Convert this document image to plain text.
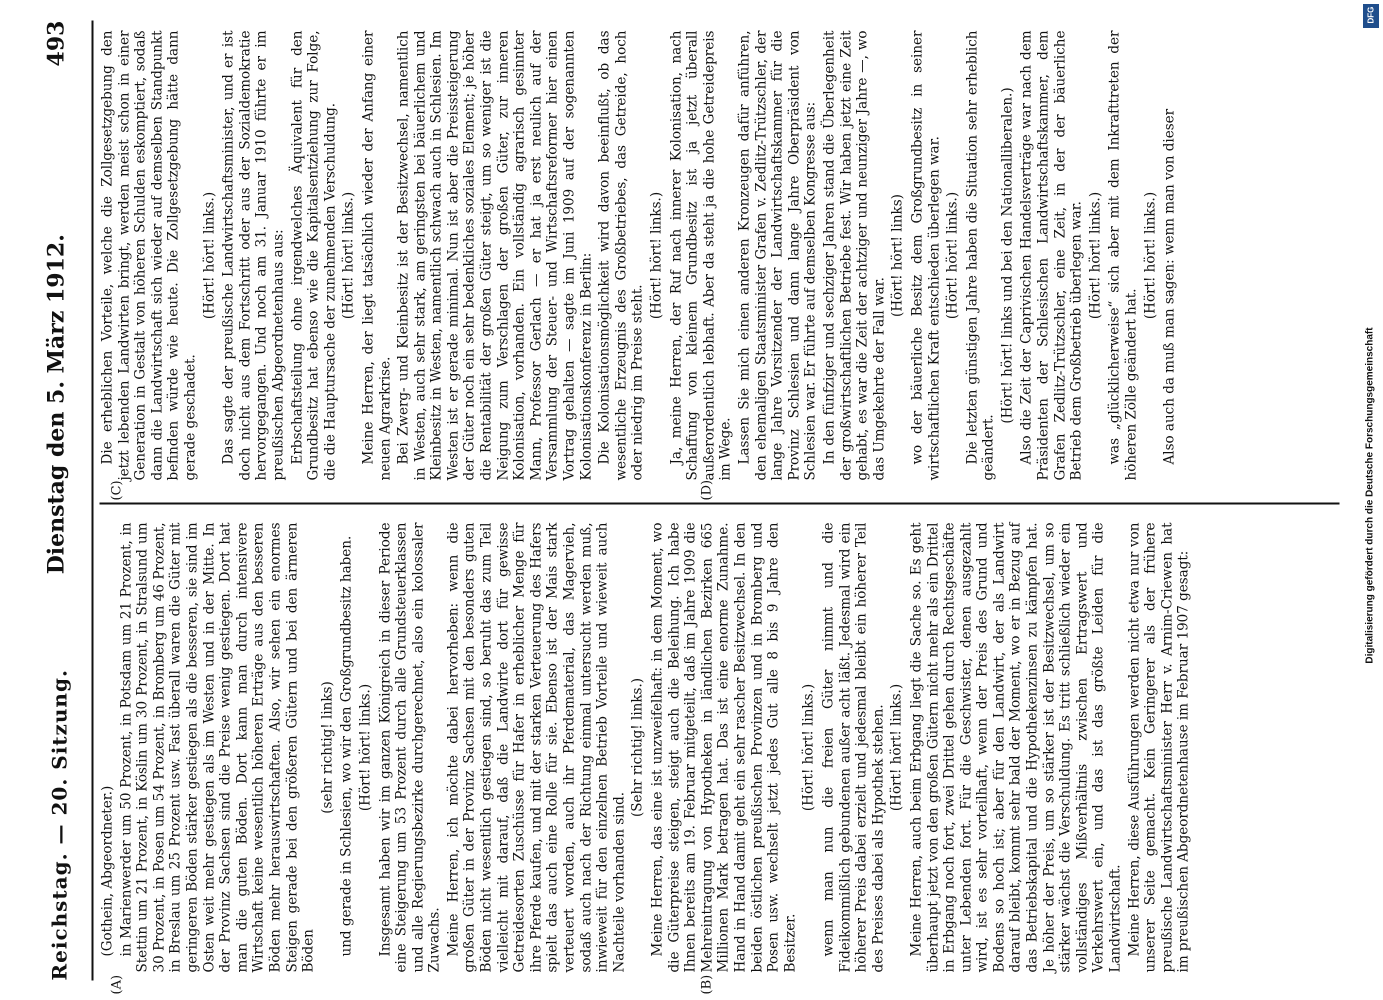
Reichstag. — 20. Sitzung.
Dienstag den 5. März 1912. 493
(A)	(B)
(C)	(D)

(Gothein, Abgeordneter.) in Marienwerder um 50 Prozent, in Potsdam um 21 Prozent, in Stettin um 21 Prozent, in Köslin um 30 Prozent, in Stralsund um 30 Prozent, in Posen um 54 Prozent, in Bromberg um 46 Prozent, in Breslau um 25 Prozent usw. Fast überall waren die Güter mit geringeren Böden stärker gestiegen als die besseren, sie sind im Osten weit mehr gestiegen als im Westen und in der Mitte. In der Provinz Sachsen sind die Preise wenig gestiegen. Dort hat man die guten Böden. Dort kann man durch intensivere Wirtschaft keine wesentlich höheren Erträge aus den besseren Böden mehr herauswirtschaften. Also, wir sehen ein enormes Steigen gerade bei den größeren Gütern und bei den ärmeren Böden

(sehr richtig! links) und gerade in Schlesien, wo wir den Großgrundbesitz haben. (Hört! hört! links.) Insgesamt haben wir im ganzen Königreich in dieser Periode eine Steigerung um 53 Prozent durch alle Grundsteuerklassen und alle Regierungsbezirke durchgerechnet, also ein kolossaler Zuwachs. Meine Herren, ich möchte dabei hervorheben: wenn die großen Güter in der Provinz Sachsen mit den besonders guten Böden nicht wesentlich gestiegen sind, so beruht das zum Teil vielleicht mit darauf, daß die Landwirte dort für gewisse Getreidesorten Zuschüsse für Hafer in erheblicher Menge für ihre Pferde kaufen, und mit der starken Verteuerung des Hafers spielt das auch eine Rolle für sie. Ebenso ist der Mais stark verteuert worden, auch ihr Pferdematerial, das Magervieh, sodaß auch nach der Richtung einmal untersucht werden muß, inwieweit für den einzelnen Betrieb Vorteile und wieweit auch Nachteile vorhanden sind.

(Sehr richtig! links.) Meine Herren, das eine ist unzweifelhaft: in dem Moment, wo die Güterpreise steigen, steigt auch die Beleihung. Ich habe Ihnen bereits am 19. Februar mitgeteilt, daß im Jahre 1909 die Mehreintragung von Hypotheken in ländlichen Bezirken 665 Millionen Mark betragen hat. Das ist eine enorme Zunahme. Hand in Hand damit geht ein sehr rascher Besitzwechsel. In den beiden östlichen preußischen Provinzen und in Bromberg und Posen usw. wechselt jetzt jedes Gut alle 8 bis 9 Jahre den Besitzer.

(Hört! hört! links.) wenn man nun die freien Güter nimmt und die Fideikommißlich gebundenen außer acht läßt. Jedesmal wird ein höherer Preis dabei erzielt und jedesmal bleibt ein höherer Teil des Preises dabei als Hypothek stehen. (Hört! hört! links.) Meine Herren, auch beim Erbgang liegt die Sache so. Es geht überhaupt jetzt von den großen Gütern nicht mehr als ein Drittel in Erbgang noch fort, zwei Drittel gehen durch Rechtsgeschäfte unter Lebenden fort. Für die Geschwister, denen ausgezahlt wird, ist es sehr vorteilhaft, wenn der Preis des Grund und Bodens so hoch ist; aber für den Landwirt, der als Landwirt darauf bleibt, kommt sehr bald der Moment, wo er in Bezug auf das Betriebskapital und die Hypothekenzinsen zu kämpfen hat. Je höher der Preis, um so stärker ist der Besitzwechsel, um so stärker wächst die Verschuldung. Es tritt schließlich wieder ein vollständiges Mißverhältnis zwischen Ertragswert und Verkehrswert ein, und das ist das größte Leiden für die Landwirtschaft. Meine Herren, diese Ausführungen werden nicht etwa nur von unserer Seite gemacht. Kein Geringerer als der frühere preußische Landwirtschaftsminister Herr v. Arnim-Criewen hat im preußischen Abgeordnetenhause im Februar 1907 gesagt:

Die erheblichen Vorteile, welche die Zollgesetzgebung den jetzt lebenden Landwirten bringt, werden meist schon in einer Generation in Gestalt von höheren Schulden eskomptiert, sodaß dann die Landwirtschaft sich wieder auf demselben Standpunkt befinden würde wie heute. Die Zollgesetzgebung hätte dann gerade geschadet.

(Hört! hört! links.) Das sagte der preußische Landwirtschaftsminister, und er ist doch nicht aus dem Fortschritt oder aus der Sozialdemokratie hervorgegangen. Und noch am 31. Januar 1910 führte er im preußischen Abgeordnetenhaus aus: Erbschaftsteilung ohne irgendwelches Äquivalent für den Grundbesitz hat ebenso wie die Kapitalsentziehung zur Folge, die die Hauptursache der zunehmenden Verschuldung. (Hört! hört! links.) Meine Herren, der liegt tatsächlich wieder der Anfang einer neuen Agrarkrise. Bei Zwerg- und Kleinbesitz ist der Besitzwechsel, namentlich in Westen, auch sehr stark, am geringsten bei bäuerlichem und Kleinbesitz in Westen, namentlich schwach auch in Schlesien. Im Westen ist er gerade minimal. Nun ist aber die Preissteigerung der Güter noch ein sehr bedenkliches soziales Element; je höher die Rentabilität der großen Güter steigt, um so weniger ist die Neigung zum Verschlagen der großen Güter, zur inneren Kolonisation, vorhanden. Ein vollständig agrarisch gesinnter Mann, Professor Gerlach — er hat ja erst neulich auf der Versammlung der Steuer- und Wirtschaftsreformer hier einen Vortrag gehalten — sagte im Juni 1909 auf der sogenannten Kolonisationskonferenz in Berlin: Die Kolonisationsmöglichkeit wird davon beeinflußt, ob das wesentliche Erzeugnis des Großbetriebes, das Getreide, hoch oder niedrig im Preise steht.

(Hört! hört! links.) Ja, meine Herren, der Ruf nach innerer Kolonisation, nach Schaffung von kleinem Grundbesitz ist ja jetzt überall außerordentlich lebhaft. Aber da steht ja die hohe Getreidepreis im Wege. Lassen Sie mich einen anderen Kronzeugen dafür anführen, den ehemaligen Staatsminister Grafen v. Zedlitz-Trützschler, der lange Jahre Vorsitzender der Landwirtschaftskammer für die Provinz Schlesien und dann lange Jahre Oberpräsident von Schlesien war. Er führte auf demselben Kongresse aus: In den fünfziger und sechziger Jahren stand die Überlegenheit der großwirtschaftlichen Betriebe fest. Wir haben jetzt eine Zeit gehabt, es war die Zeit der achtziger und neunziger Jahre —, wo das Umgekehrte der Fall war.

(Hört! hört! links) wo der bäuerliche Besitz dem Großgrundbesitz in seiner wirtschaftlichen Kraft entschieden überlegen war. (Hört! hört! links.) Die letzten günstigen Jahre haben die Situation sehr erheblich geändert.

(Hört! hört! links und bei den Nationalliberalen.) Also die Zeit der Caprivischen Handelsverträge war nach dem Präsidenten der Schlesischen Landwirtschaftskammer, dem Grafen Zedlitz-Trützschler, eine Zeit, in der der bäuerliche Betrieb dem Großbetrieb überlegen war. (Hört! hört! links.) was „glücklicherweise“ sich aber mit dem Inkrafttreten der höheren Zölle geändert hat.

(Hört! hört! links.) Also auch da muß man sagen: wenn man von dieser

DFG
Digitalisierung gefördert durch die Deutsche Forschungsgemeinschaft
